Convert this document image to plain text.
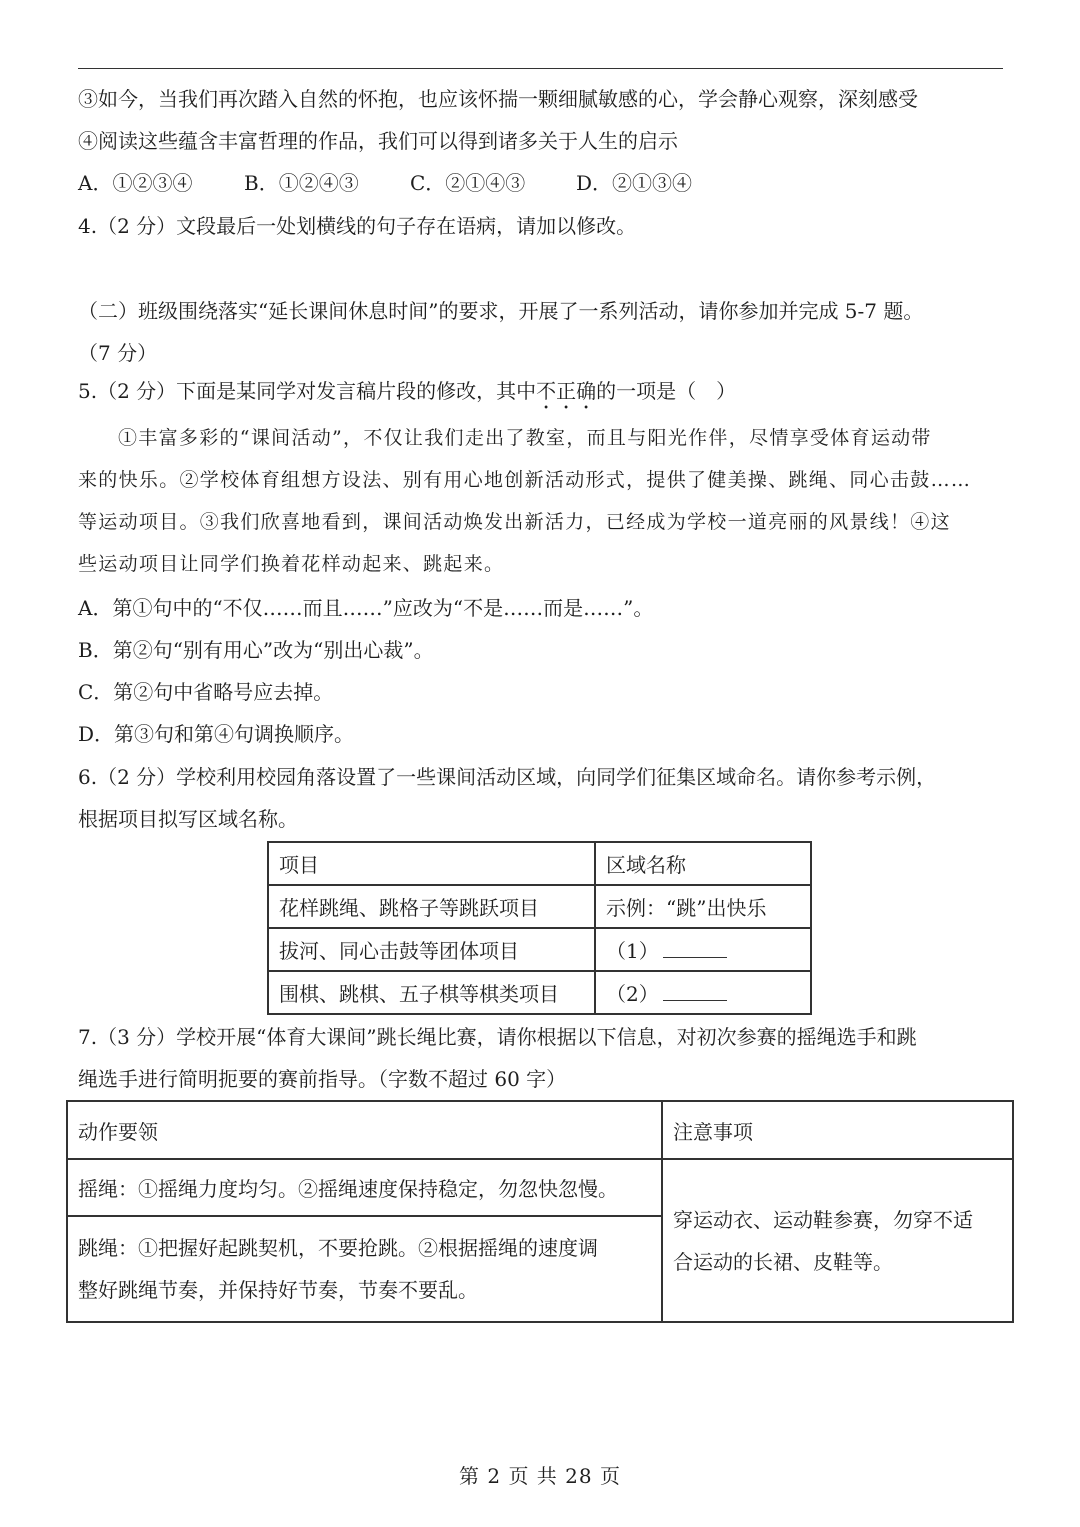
③如今，当我们再次踏入自然的怀抱，也应该怀揣一颗细腻敏感的心，学会静心观察，深刻感受
④阅读这些蕴含丰富哲理的作品，我们可以得到诸多关于人生的启示
A．①②③④	B．①②④③	C．②①④③	D．②①③④
4.（2 分）文段最后一处划横线的句子存在语病，请加以修改。
（二）班级围绕落实“延长课间休息时间”的要求，开展了一系列活动，请你参加并完成 5-7 题。
（7 分）
5.（2 分）下面是某同学对发言稿片段的修改，其中不正确的一项是（　）
①丰富多彩的“课间活动”，不仅让我们走出了教室，而且与阳光作伴，尽情享受体育运动带
来的快乐。②学校体育组想方设法、别有用心地创新活动形式，提供了健美操、跳绳、同心击鼓……
等运动项目。③我们欣喜地看到，课间活动焕发出新活力，已经成为学校一道亮丽的风景线！④这
些运动项目让同学们换着花样动起来、跳起来。
A．第①句中的“不仅……而且……”应改为“不是……而是……”。
B．第②句“别有用心”改为“别出心裁”。
C．第②句中省略号应去掉。
D．第③句和第④句调换顺序。
6.（2 分）学校利用校园角落设置了一些课间活动区域，向同学们征集区域命名。请你参考示例，
根据项目拟写区域名称。
项目	区域名称
花样跳绳、跳格子等跳跃项目	示例：“跳”出快乐
拔河、同心击鼓等团体项目	（1）
围棋、跳棋、五子棋等棋类项目	（2）
7.（3 分）学校开展“体育大课间”跳长绳比赛，请你根据以下信息，对初次参赛的摇绳选手和跳
绳选手进行简明扼要的赛前指导。（字数不超过 60 字）
动作要领	注意事项
摇绳：①摇绳力度均匀。②摇绳速度保持稳定，勿忽快忽慢。	穿运动衣、运动鞋参赛，勿穿不适
合运动的长裙、皮鞋等。

跳绳：①把握好起跳契机，不要抢跳。②根据摇绳的速度调
整好跳绳节奏，并保持好节奏，节奏不要乱。	
第 2 页 共 28 页
